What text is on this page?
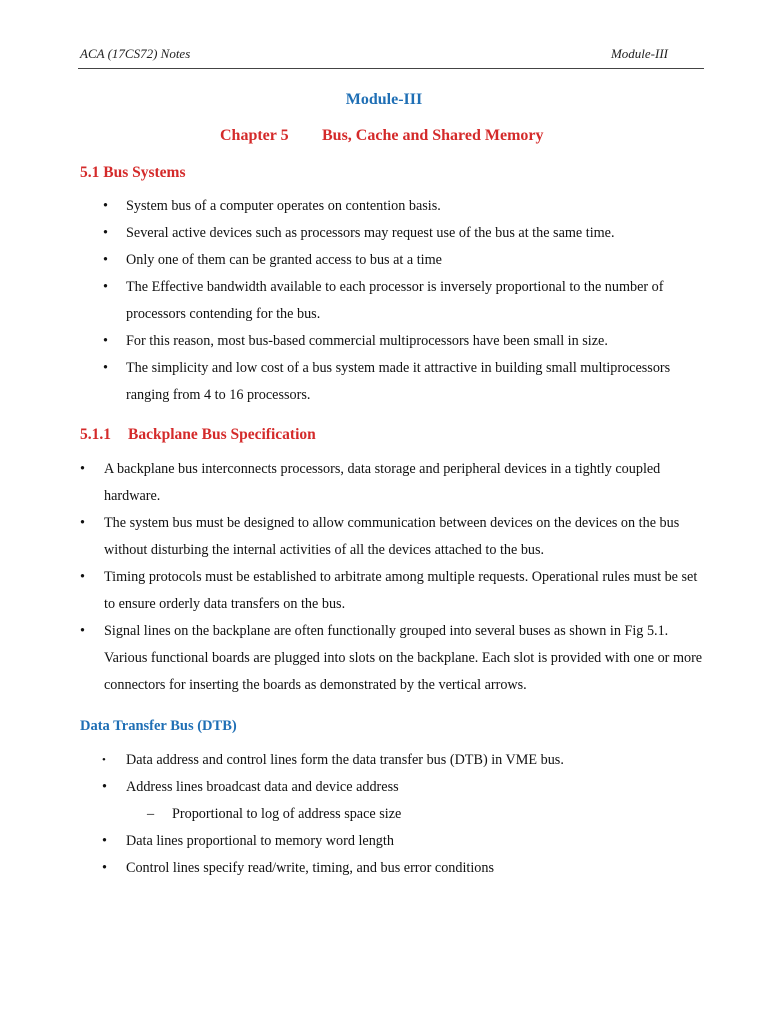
ACA (17CS72) Notes	Module-III
Module-III
Chapter 5 Bus, Cache and Shared Memory
5.1 Bus Systems
• System bus of a computer operates on contention basis.
• Several active devices such as processors may request use of the bus at the same time.
• Only one of them can be granted access to bus at a time
• The Effective bandwidth available to each processor is inversely proportional to the number of processors contending for the bus.
• For this reason, most bus-based commercial multiprocessors have been small in size.
• The simplicity and low cost of a bus system made it attractive in building small multiprocessors ranging from 4 to 16 processors.
5.1.1 Backplane Bus Specification
• A backplane bus interconnects processors, data storage and peripheral devices in a tightly coupled hardware.
• The system bus must be designed to allow communication between devices on the devices on the bus without disturbing the internal activities of all the devices attached to the bus.
• Timing protocols must be established to arbitrate among multiple requests. Operational rules must be set to ensure orderly data transfers on the bus.
• Signal lines on the backplane are often functionally grouped into several buses as shown in Fig 5.1. Various functional boards are plugged into slots on the backplane. Each slot is provided with one or more connectors for inserting the boards as demonstrated by the vertical arrows.
Data Transfer Bus (DTB)
• Data address and control lines form the data transfer bus (DTB) in VME bus.
• Address lines broadcast data and device address
– Proportional to log of address space size
• Data lines proportional to memory word length
• Control lines specify read/write, timing, and bus error conditions
